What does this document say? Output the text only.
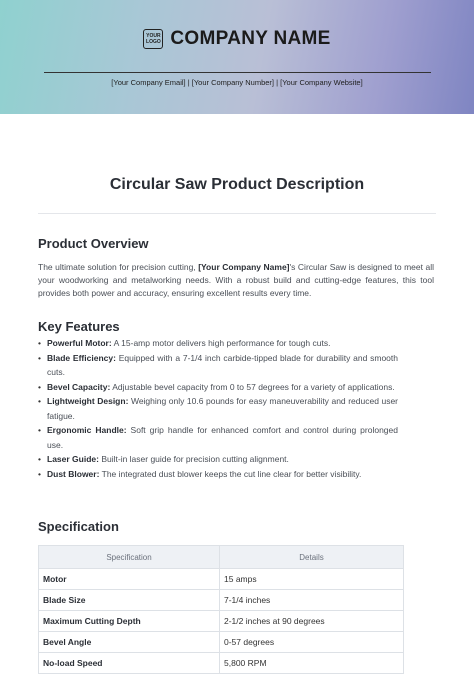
YOUR LOGO COMPANY NAME
[Your Company Email] | [Your Company Number] | [Your Company Website]
Circular Saw Product Description
Product Overview

The ultimate solution for precision cutting, [Your Company Name]'s Circular Saw is designed to meet all your woodworking and metalworking needs. With a robust build and cutting-edge features, this tool provides both power and accuracy, ensuring excellent results every time.

Key Features
• Powerful Motor: A 15-amp motor delivers high performance for tough cuts.
• Blade Efficiency: Equipped with a 7-1/4 inch carbide-tipped blade for durability and smooth cuts.
• Bevel Capacity: Adjustable bevel capacity from 0 to 57 degrees for a variety of applications.
• Lightweight Design: Weighing only 10.6 pounds for easy maneuverability and reduced user fatigue.
• Ergonomic Handle: Soft grip handle for enhanced comfort and control during prolonged use.
• Laser Guide: Built-in laser guide for precision cutting alignment.
• Dust Blower: The integrated dust blower keeps the cut line clear for better visibility.
Specification
Specification	Details
Motor	15 amps
Blade Size	7-1/4 inches
Maximum Cutting Depth	2-1/2 inches at 90 degrees
Bevel Angle	0-57 degrees
No-load Speed	5,800 RPM
